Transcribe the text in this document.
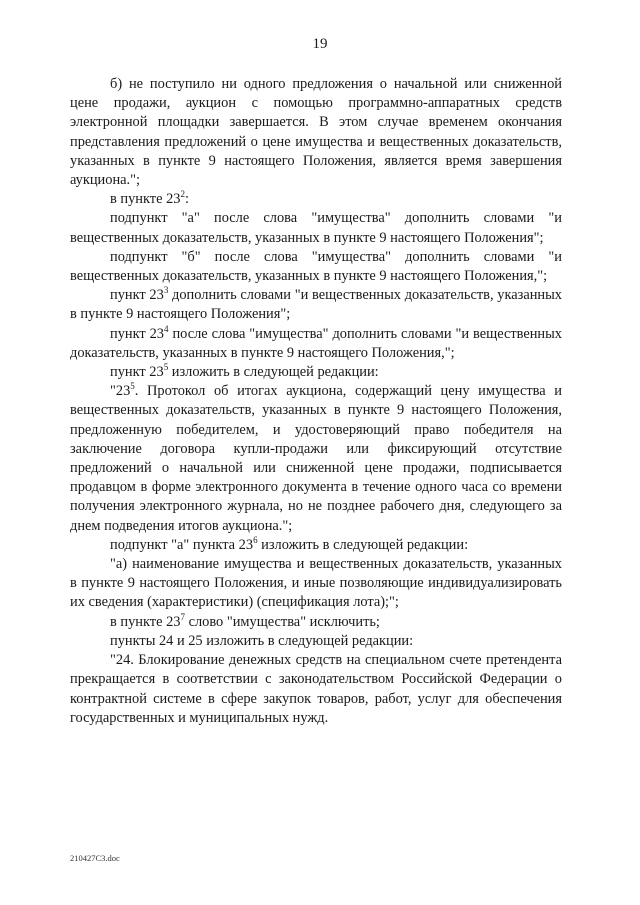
19

б) не поступило ни одного предложения о начальной или сниженной цене продажи, аукцион с помощью программно-аппаратных средств электронной площадки завершается. В этом случае временем окончания представления предложений о цене имущества и вещественных доказательств, указанных в пункте 9 настоящего Положения, является время завершения аукциона.";

в пункте $23^2$:

подпункт "а" после слова "имущества" дополнить словами "и вещественных доказательств, указанных в пункте 9 настоящего Положения";

подпункт "б" после слова "имущества" дополнить словами "и вещественных доказательств, указанных в пункте 9 настоящего Положения,";

пункт $23^3$ дополнить словами "и вещественных доказательств, указанных в пункте 9 настоящего Положения";

пункт $23^4$ после слова "имущества" дополнить словами "и вещественных доказательств, указанных в пункте 9 настоящего Положения,";

пункт $23^5$ изложить в следующей редакции:

"$23^5$. Протокол об итогах аукциона, содержащий цену имущества и вещественных доказательств, указанных в пункте 9 настоящего Положения, предложенную победителем, и удостоверяющий право победителя на заключение договора купли-продажи или фиксирующий отсутствие предложений о начальной или сниженной цене продажи, подписывается продавцом в форме электронного документа в течение одного часа со времени получения электронного журнала, но не позднее рабочего дня, следующего за днем подведения итогов аукциона.";

подпункт "а" пункта $23^6$ изложить в следующей редакции:

"а) наименование имущества и вещественных доказательств, указанных в пункте 9 настоящего Положения, и иные позволяющие индивидуализировать их сведения (характеристики) (спецификация лота);";

в пункте $23^7$ слово "имущества" исключить;

пункты 24 и 25 изложить в следующей редакции:

"24. Блокирование денежных средств на специальном счете претендента прекращается в соответствии с законодательством Российской Федерации о контрактной системе в сфере закупок товаров, работ, услуг для обеспечения государственных и муниципальных нужд.

210427C3.doc
